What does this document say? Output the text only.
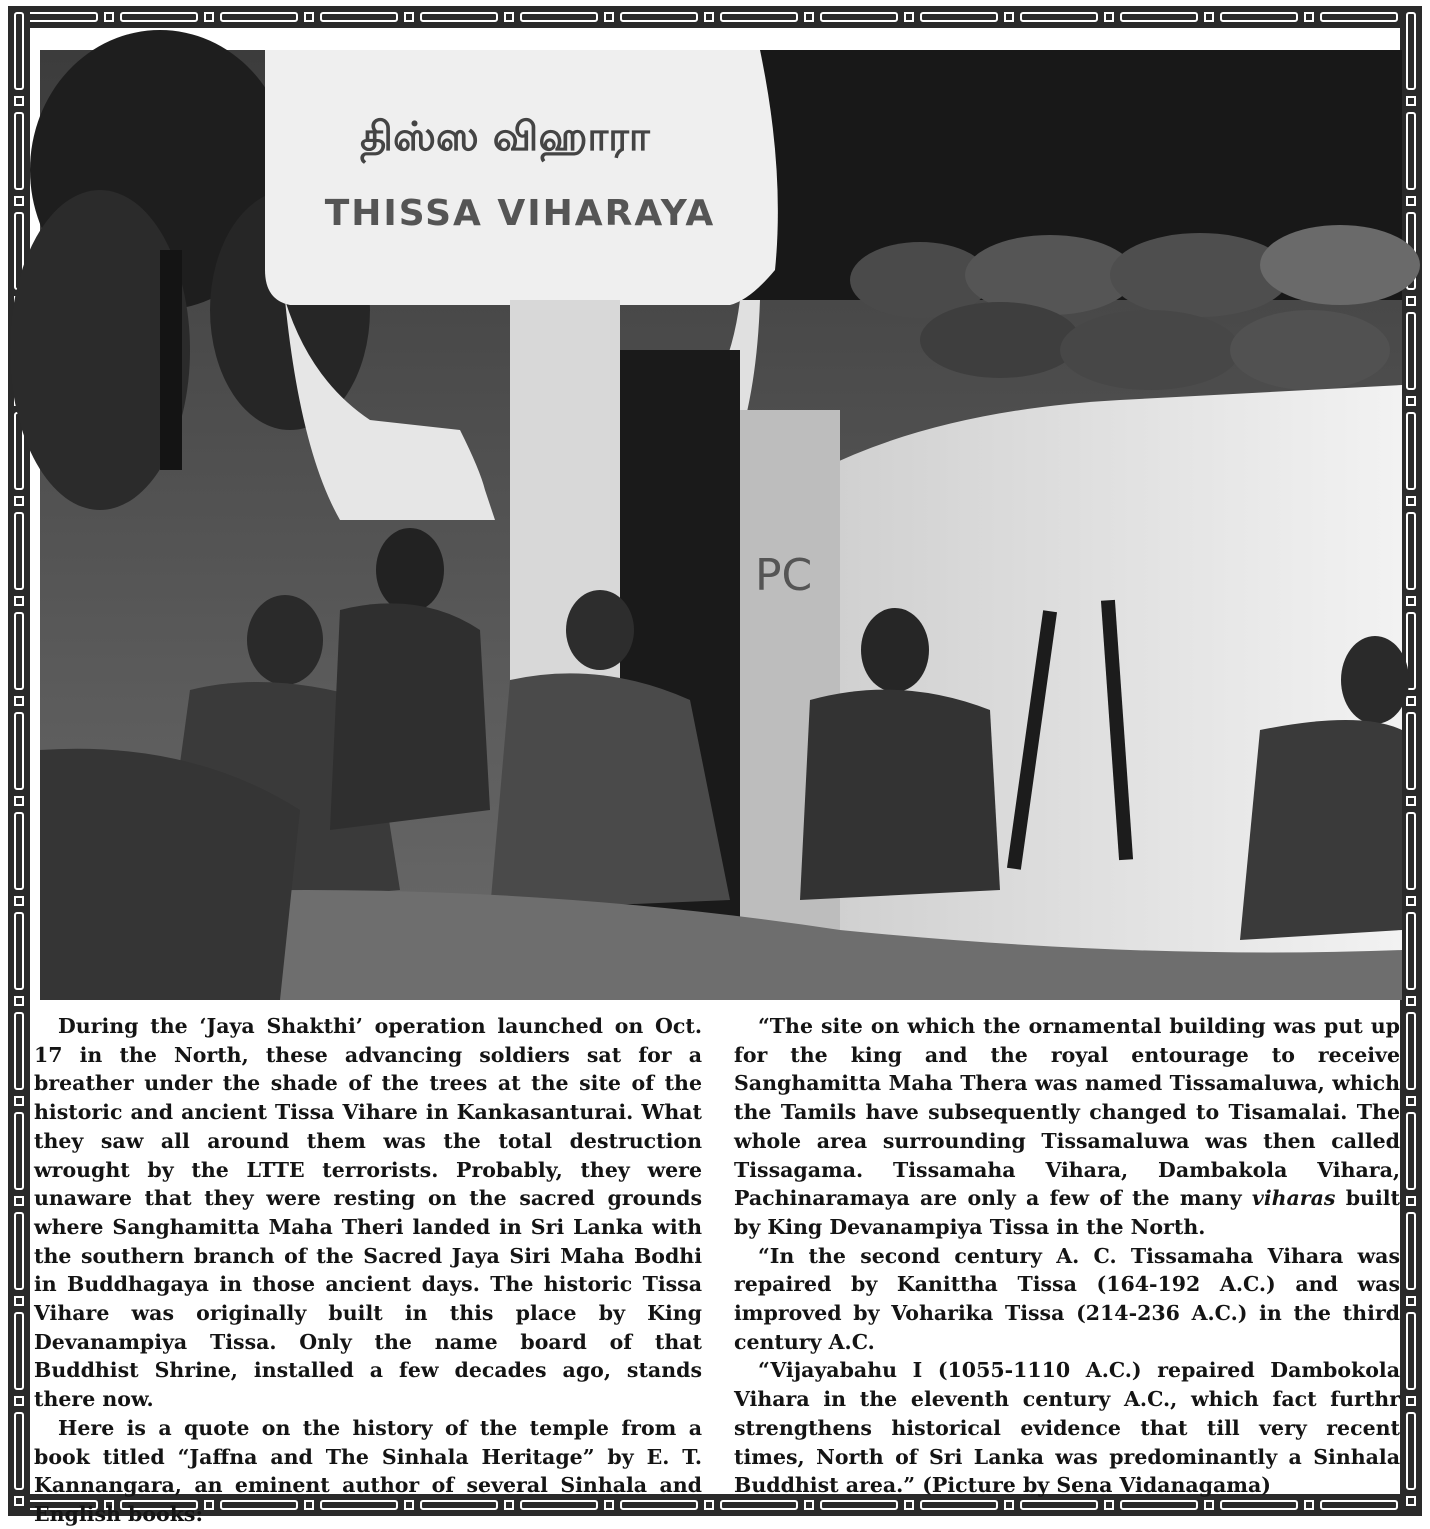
திஸ்ஸ விஹாரா
THISSA VIHARAYA
PC

During the ‘Jaya Shakthi’ operation launched on Oct. 17 in the North, these advancing soldiers sat for a breather under the shade of the trees at the site of the historic and ancient Tissa Vihare in Kankasanturai. What they saw all around them was the total destruction wrought by the LTTE terrorists. Probably, they were unaware that they were resting on the sacred grounds where Sanghamitta Maha Theri landed in Sri Lanka with the southern branch of the Sacred Jaya Siri Maha Bodhi in Buddhagaya in those ancient days. The historic Tissa Vihare was originally built in this place by King Devanampiya Tissa. Only the name board of that Buddhist Shrine, installed a few decades ago, stands there now.

Here is a quote on the history of the temple from a book titled “Jaffna and The Sinhala Heritage” by E. T. Kannangara, an eminent author of several Sinhala and English books:

“The site on which the ornamental building was put up for the king and the royal entourage to receive Sanghamitta Maha Thera was named Tissamaluwa, which the Tamils have subsequently changed to Tisamalai. The whole area surrounding Tissamaluwa was then called Tissagama. Tissamaha Vihara, Dambakola Vihara, Pachinaramaya are only a few of the many viharas built by King Devanampiya Tissa in the North.

“In the second century A. C. Tissamaha Vihara was repaired by Kanittha Tissa (164-192 A.C.) and was improved by Voharika Tissa (214-236 A.C.) in the third century A.C.

“Vijayabahu I (1055-1110 A.C.) repaired Dambokola Vihara in the eleventh century A.C., which fact furthr strengthens historical evidence that till very recent times, North of Sri Lanka was predominantly a Sinhala Buddhist area.” (Picture by Sena Vidanagama)
